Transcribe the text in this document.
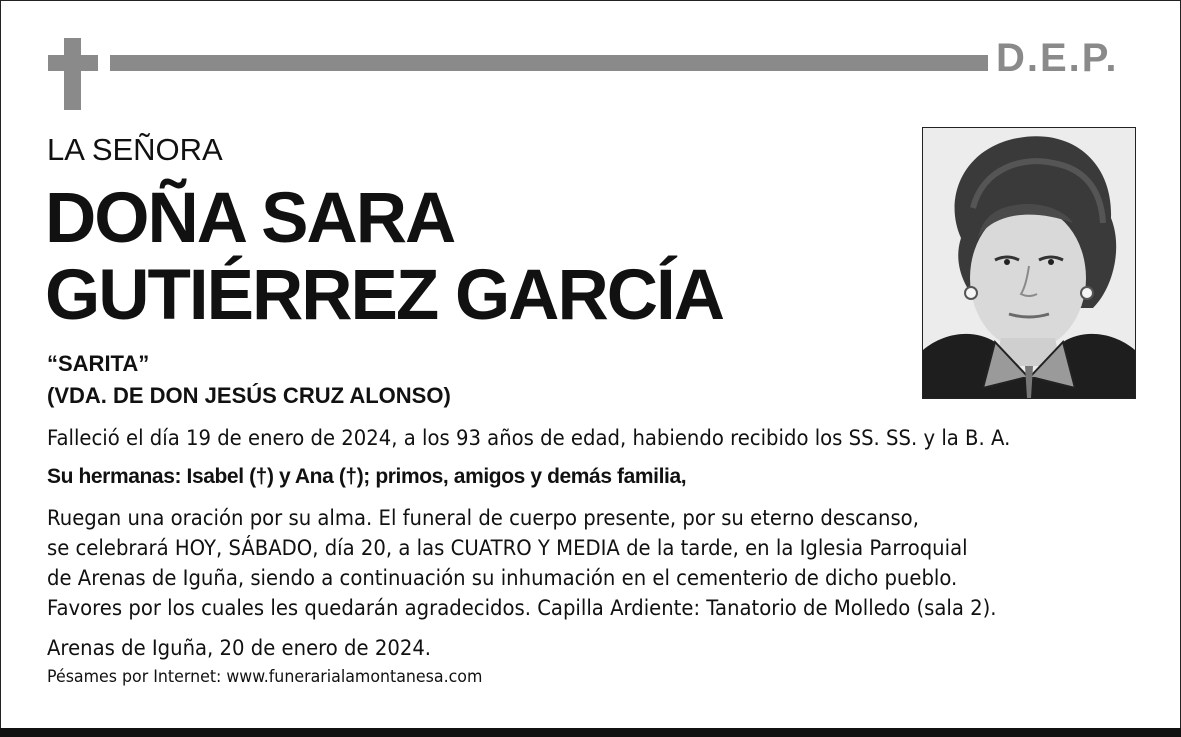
D.E.P.
LA SEÑORA
DOÑA SARA
GUTIÉRREZ GARCÍA
“SARITA”
(VDA. DE DON JESÚS CRUZ ALONSO)
Falleció el día 19 de enero de 2024, a los 93 años de edad, habiendo recibido los SS. SS. y la B. A.
Su hermanas: Isabel (†) y Ana (†); primos, amigos y demás familia,
Ruegan una oración por su alma. El funeral de cuerpo presente, por su eterno descanso,
se celebrará HOY, SÁBADO, día 20, a las CUATRO Y MEDIA de la tarde, en la Iglesia Parroquial
de Arenas de Iguña, siendo a continuación su inhumación en el cementerio de dicho pueblo.
Favores por los cuales les quedarán agradecidos. Capilla Ardiente: Tanatorio de Molledo (sala 2).
Arenas de Iguña, 20 de enero de 2024.
Pésames por Internet: www.funerarialamontanesa.com
